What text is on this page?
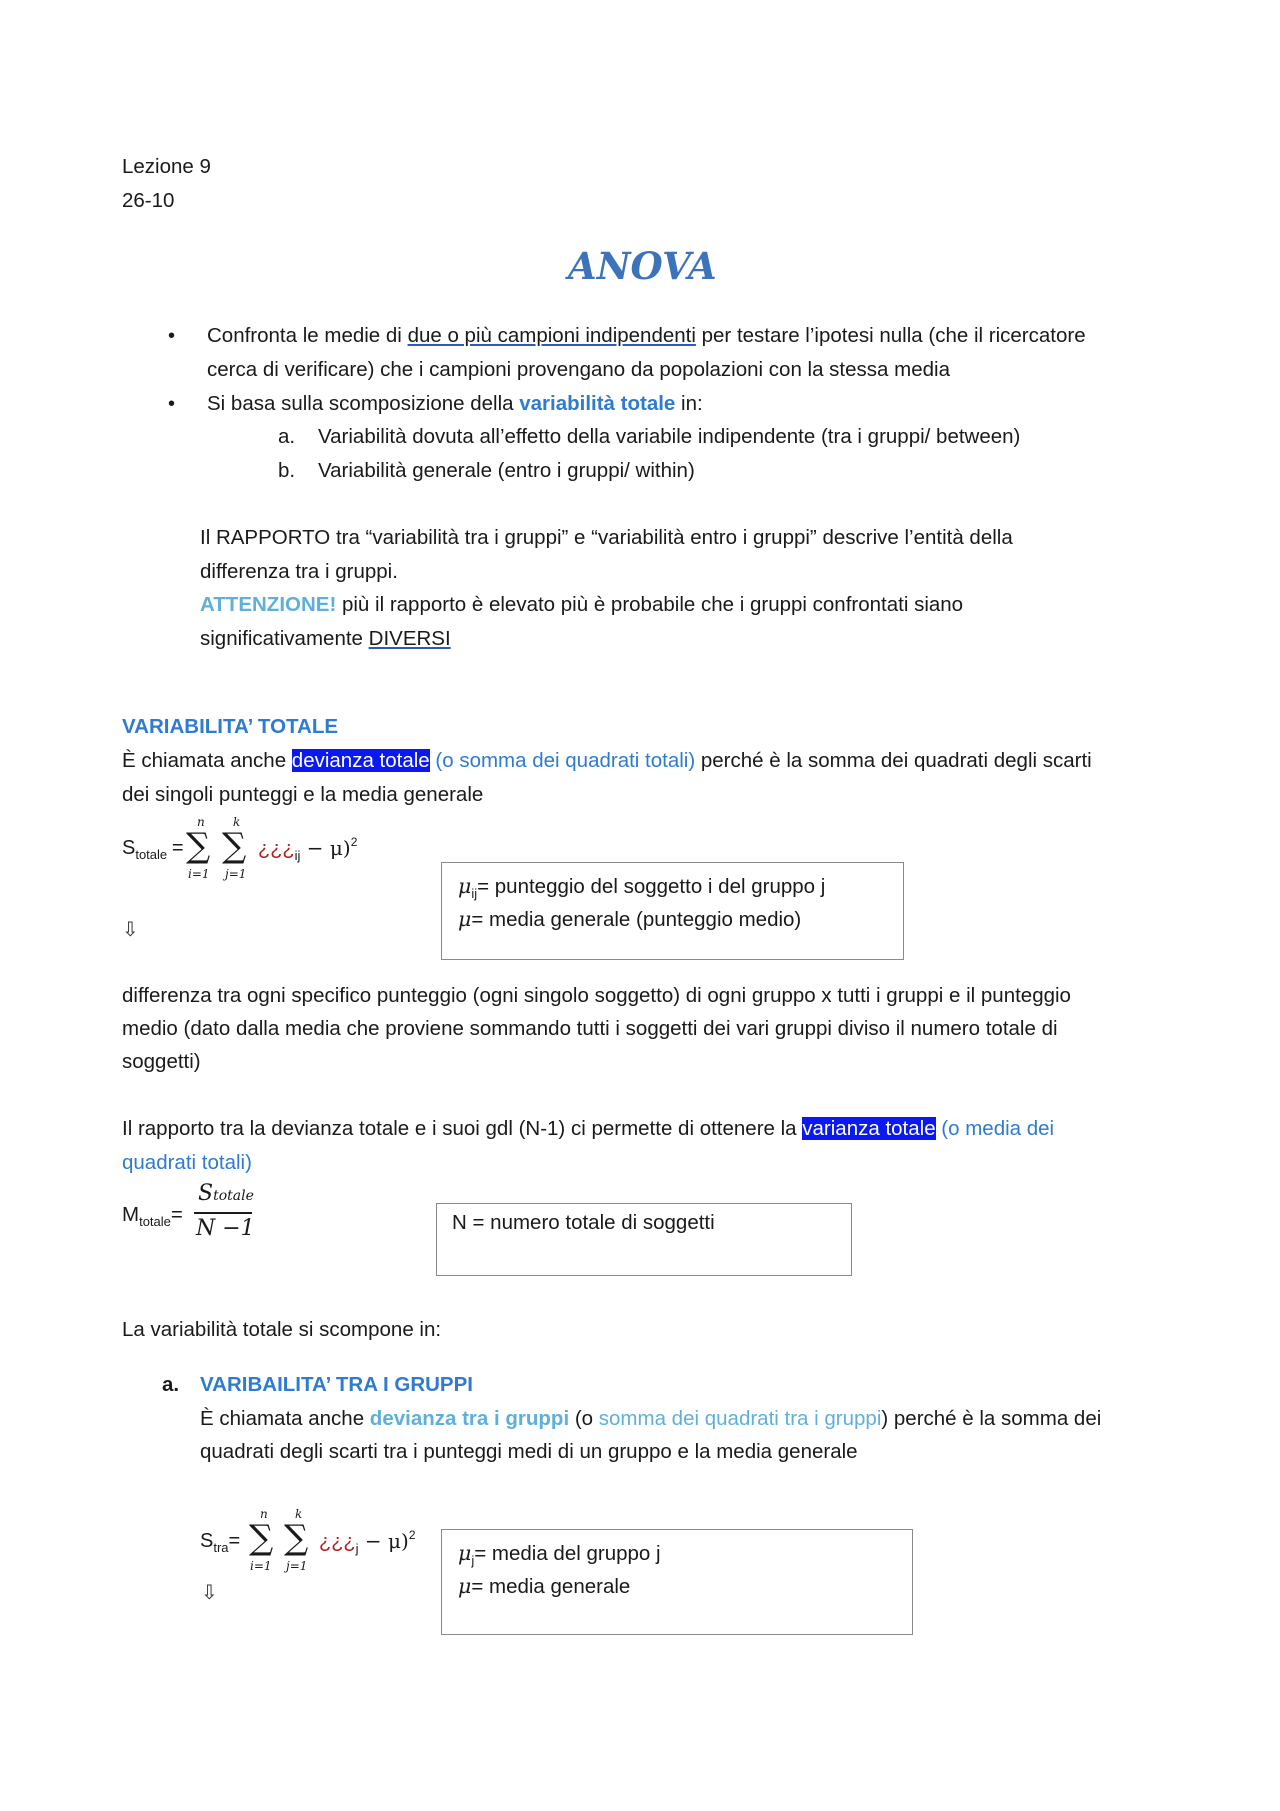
Lezione 9
26-10
ANOVA
• Confronta le medie di due o più campioni indipendenti per testare l’ipotesi nulla (che il ricercatore
cerca di verificare) che i campioni provengano da popolazioni con la stessa media
• Si basa sulla scomposizione della variabilità totale in:
a. Variabilità dovuta all’effetto della variabile indipendente (tra i gruppi/ between)
b. Variabilità generale (entro i gruppi/ within)
Il RAPPORTO tra “variabilità tra i gruppi” e “variabilità entro i gruppi” descrive l’entità della
differenza tra i gruppi.
ATTENZIONE! più il rapporto è elevato più è probabile che i gruppi confrontati siano
significativamente DIVERSI
VARIABILITA’ TOTALE
È chiamata anche devianza totale (o somma dei quadrati totali) perché è la somma dei quadrati degli scarti
dei singoli punteggi e la media generale
$S_{totale}$ =
n k
∑ ∑
i=1 j=1
¿¿¿$_{ij} - \mu)^2$
$\mu_{ij}=$ punteggio del soggetto i del gruppo j
μ= media generale (punteggio medio)
⇩
differenza tra ogni specifico punteggio (ogni singolo soggetto) di ogni gruppo x tutti i gruppi e il punteggio
medio (dato dalla media che proviene sommando tutti i soggetti dei vari gruppi diviso il numero totale di
soggetti)
Il rapporto tra la devianza totale e i suoi gdl (N-1) ci permette di ottenere la varianza totale (o media dei
quadrati totali)
$M_{totale}=$
Stotale
N −1	N = numero totale di soggetti
La variabilità totale si scompone in:
a. VARIBAILITA’ TRA I GRUPPI
È chiamata anche devianza tra i gruppi (o somma dei quadrati tra i gruppi) perché è la somma dei
quadrati degli scarti tra i punteggi medi di un gruppo e la media generale
$S_{tra}=$
n k
∑ ∑
i=1 j=1
¿¿¿$_j - \mu)^2$
⇩
$\mu_j=$ media del gruppo j
μ= media generale
